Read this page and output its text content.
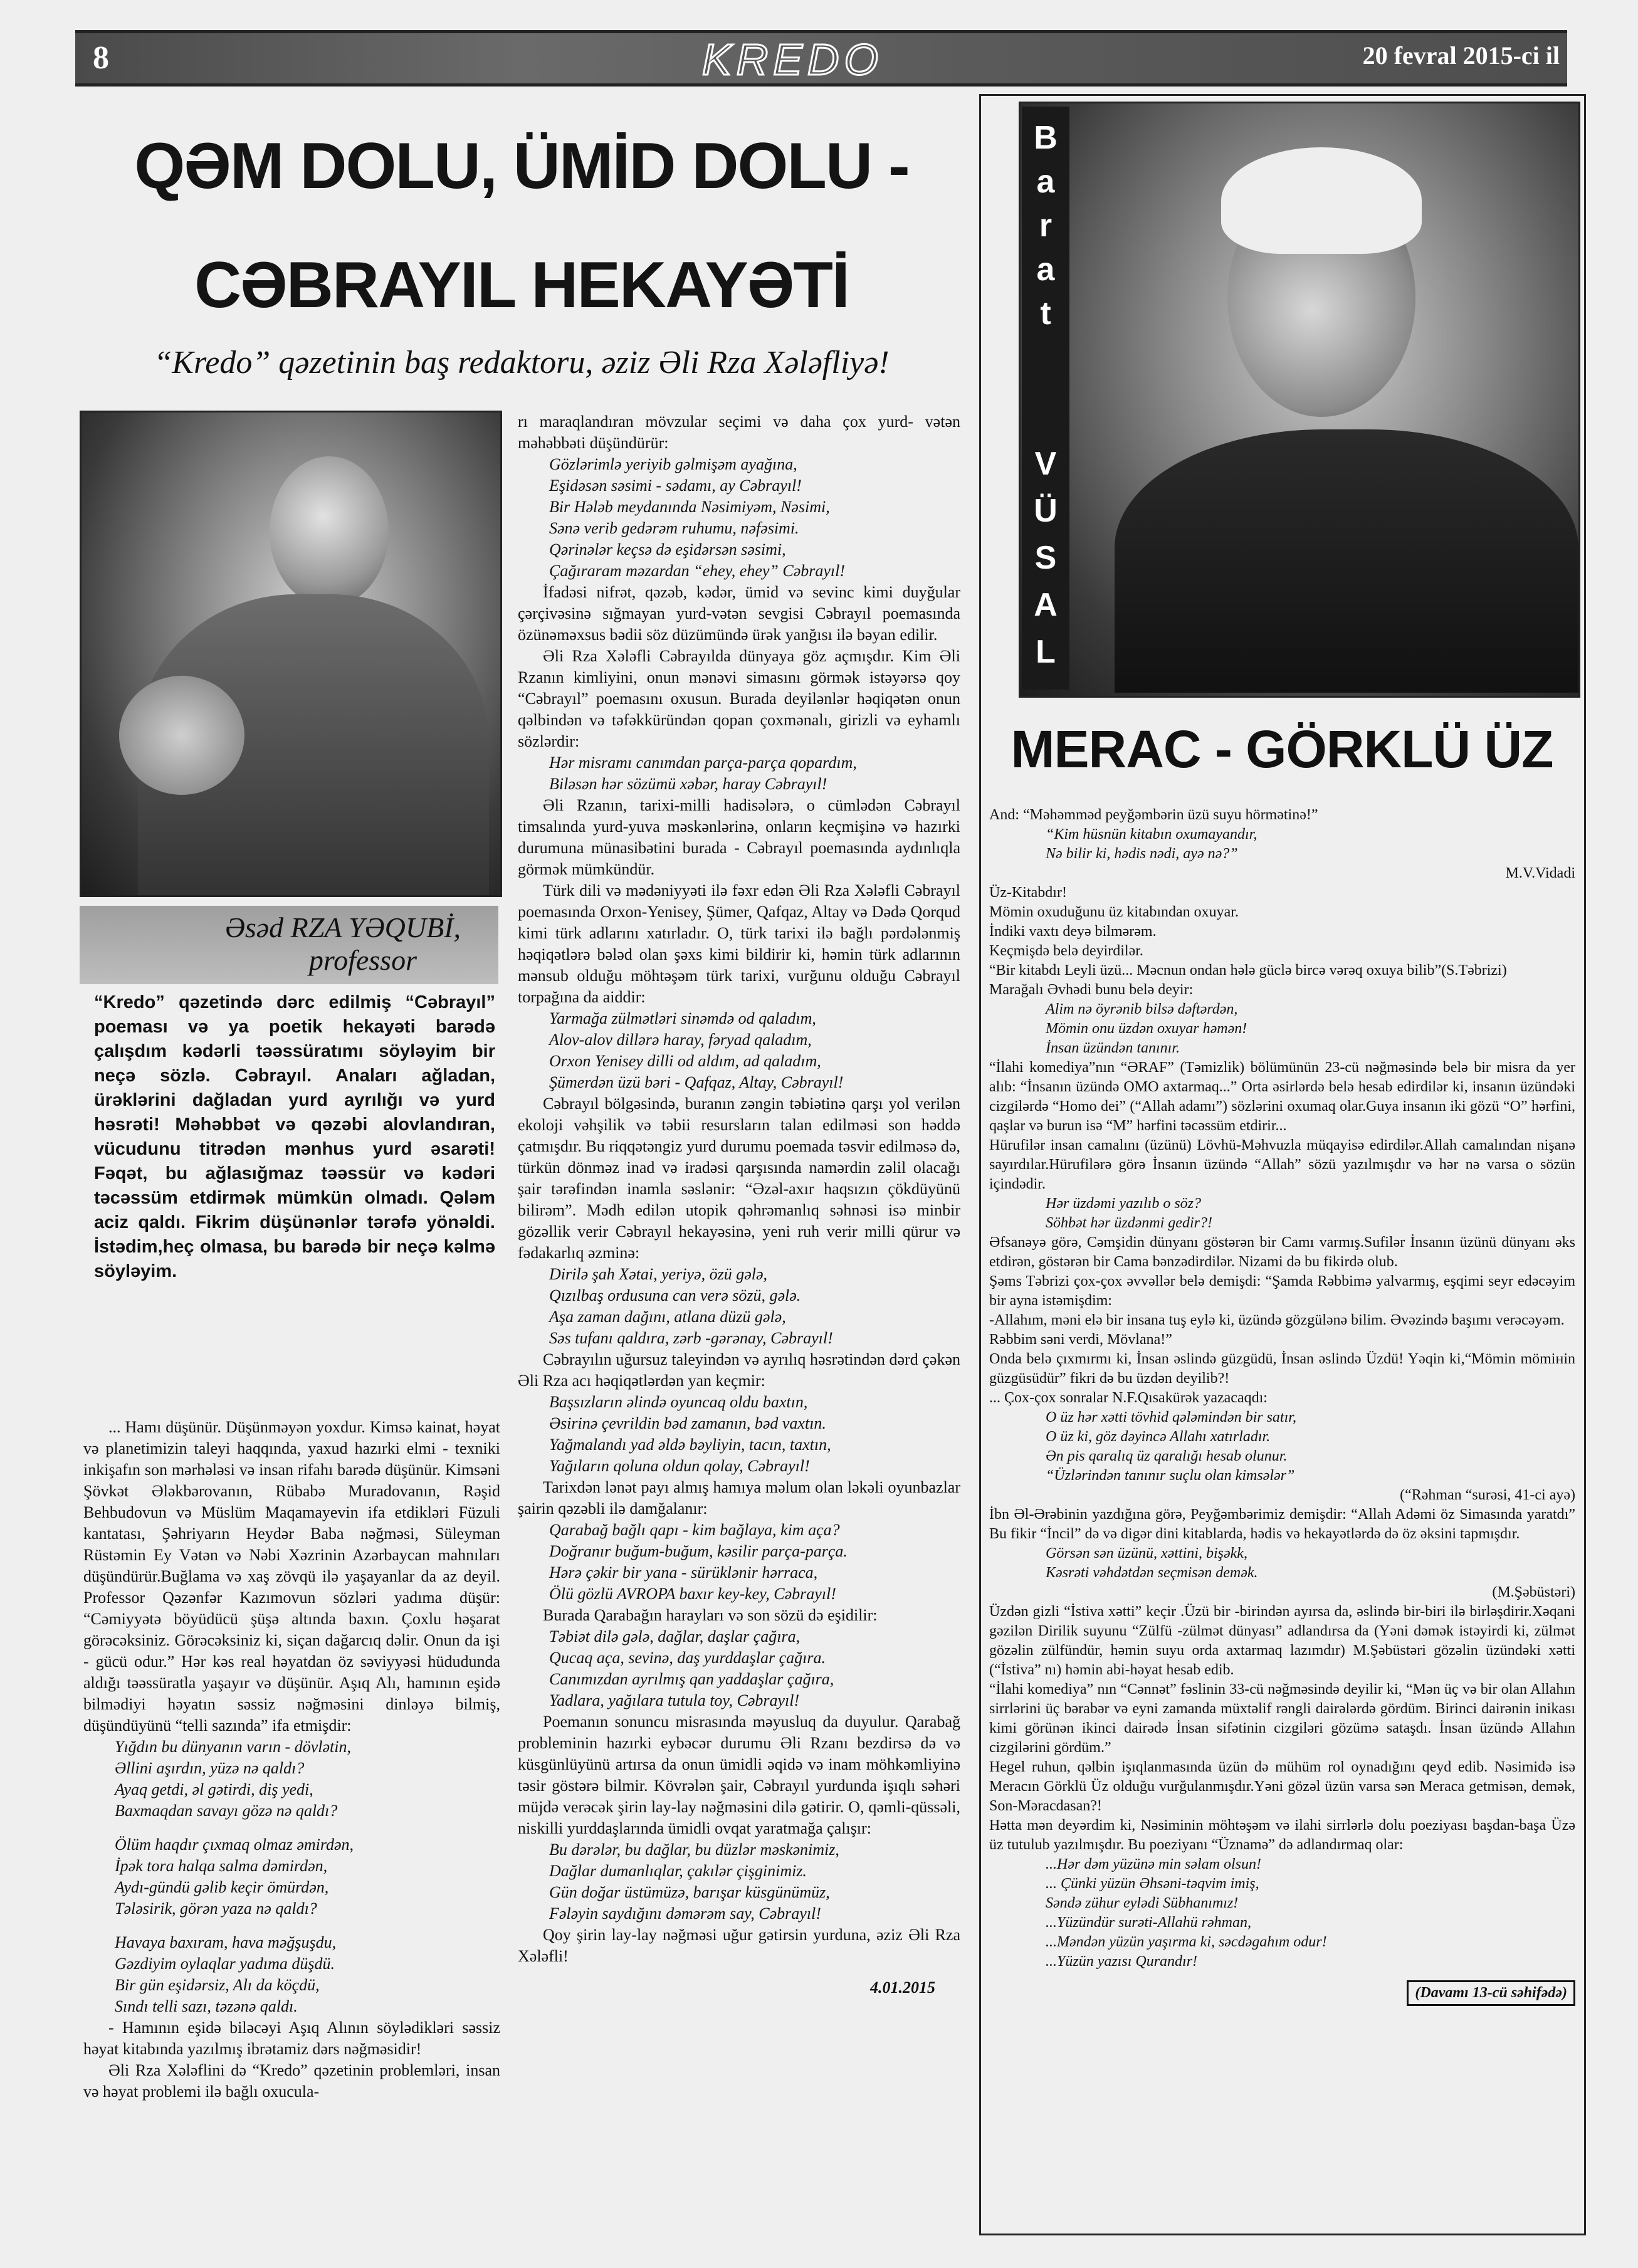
8	KREDO	20 fevral 2015-ci il
QƏM DOLU, ÜMİD DOLU -
CƏBRAYIL HEKAYƏTİ
“Kredo” qəzetinin baş redaktoru, əziz Əli Rza Xələfliyə!
Əsəd RZA YƏQUBİ,
professor
“Kredo” qəzetində dərc edilmiş “Cəbrayıl” poeması və ya poetik hekayəti barədə çalışdım kədərli təəssüratımı söyləyim bir neçə sözlə. Cəbrayıl. Anaları ağladan, ürəklərini dağladan yurd ayrılığı və yurd həsrəti! Məhəbbət və qəzəbi alovlandıran, vücudunu titrədən mənhus yurd əsarəti! Fəqət, bu ağlasığmaz təəssür və kədəri təcəssüm etdirmək mümkün olmadı. Qələm aciz qaldı. Fikrim düşünənlər tərəfə yönəldi. İstədim,heç olmasa, bu barədə bir neçə kəlmə söyləyim.

... Hamı düşünür. Düşünməyən yoxdur. Kimsə kainat, həyat və planetimizin taleyi haqqında, yaxud hazırki elmi - texniki inkişafın son mərhələsi və insan rifahı barədə düşünür. Kimsəni Şövkət Ələkbərovanın, Rübabə Muradovanın, Rəşid Behbudovun və Müslüm Maqamayevin ifa etdikləri Füzuli kantatası, Şəhriyarın Heydər Baba nəğməsi, Süleyman Rüstəmin Ey Vətən və Nəbi Xəzrinin Azərbaycan mahnıları düşündürür.Buğlama və xaş zövqü ilə yaşayanlar da az deyil. Professor Qəzənfər Kazımovun sözləri yadıma düşür: “Cəmiyyətə böyüdücü şüşə altında baxın. Çoxlu həşarat görəcəksiniz. Görəcəksiniz ki, siçan dağarcıq dəlir. Onun da işi - gücü odur.” Hər kəs real həyatdan öz səviyyəsi hüdudunda aldığı təəssüratla yaşayır və düşünür. Aşıq Alı, hamının eşidə bilmədiyi həyatın səssiz nəğməsini dinləyə bilmiş, düşündüyünü “telli sazında” ifa etmişdir:

Yığdın bu dünyanın varın - dövlətin,

Əllini aşırdın, yüzə nə qaldı?

Ayaq getdi, əl gətirdi, diş yedi,

Baxmaqdan savayı gözə nə qaldı?

Ölüm haqdır çıxmaq olmaz əmirdən,

İpək tora halqa salma dəmirdən,

Aydı-gündü gəlib keçir ömürdən,

Tələsirik, görən yaza nə qaldı?

Havaya baxıram, hava məğşuşdu,

Gəzdiyim oylaqlar yadıma düşdü.

Bir gün eşidərsiz, Alı da köçdü,

Sındı telli sazı, təzənə qaldı.

- Hamının eşidə biləcəyi Aşıq Alının söylədikləri səssiz həyat kitabında yazılmış ibrətamiz dərs nəğməsidir!

Əli Rza Xələflini də “Kredo” qəzetinin problemləri, insan və həyat problemi ilə bağlı oxucula-

rı maraqlandıran mövzular seçimi və daha çox yurd- vətən məhəbbəti düşündürür:

Gözlərimlə yeriyib gəlmişəm ayağına,

Eşidəsən səsimi - sədamı, ay Cəbrayıl!

Bir Hələb meydanında Nəsimiyəm, Nəsimi,

Sənə verib gedərəm ruhumu, nəfəsimi.

Qərinələr keçsə də eşidərsən səsimi,

Çağıraram məzardan “ehey, ehey” Cəbrayıl!

İfadəsi nifrət, qəzəb, kədər, ümid və sevinc kimi duyğular çərçivəsinə sığmayan yurd-vətən sevgisi Cəbrayıl poemasında özünəməxsus bədii söz düzümündə ürək yanğısı ilə bəyan edilir.

Əli Rza Xələfli Cəbrayılda dünyaya göz açmışdır. Kim Əli Rzanın kimliyini, onun mənəvi simasını görmək istəyərsə qoy “Cəbrayıl” poemasını oxusun. Burada deyilənlər həqiqətən onun qəlbindən və təfəkküründən qopan çoxmənalı, girizli və eyhamlı sözlərdir:

Hər misramı canımdan parça-parça qopardım,

Biləsən hər sözümü xəbər, haray Cəbrayıl!

Əli Rzanın, tarixi-milli hadisələrə, o cümlədən Cəbrayıl timsalında yurd-yuva məskənlərinə, onların keçmişinə və hazırki durumuna münasibətini burada - Cəbrayıl poemasında aydınlıqla görmək mümkündür.

Türk dili və mədəniyyəti ilə fəxr edən Əli Rza Xələfli Cəbrayıl poemasında Orxon-Yenisey, Şümer, Qafqaz, Altay və Dədə Qorqud kimi türk adlarını xatırladır. O, türk tarixi ilə bağlı pərdələnmiş həqiqətlərə bələd olan şəxs kimi bildirir ki, həmin türk adlarının mənsub olduğu möhtəşəm türk tarixi, vurğunu olduğu Cəbrayıl torpağına da aiddir:

Yarmağa zülmətləri sinəmdə od qaladım,

Alov-alov dillərə haray, fəryad qaladım,

Orxon Yenisey dilli od aldım, ad qaladım,

Şümerdən üzü bəri - Qafqaz, Altay, Cəbrayıl!

Cəbrayıl bölgəsində, buranın zəngin təbiətinə qarşı yol verilən ekoloji vəhşilik və təbii resursların talan edilməsi son həddə çatmışdır. Bu riqqətəngiz yurd durumu poemada təsvir edilməsə də, türkün dönməz inad və iradəsi qarşısında namərdin zəlil olacağı şair tərəfindən inamla səslənir: “Əzəl-axır haqsızın çökdüyünü bilirəm”. Mədh edilən utopik qəhrəmanlıq səhnəsi isə minbir gözəllik verir Cəbrayıl hekayəsinə, yeni ruh verir milli qürur və fədakarlıq əzminə:

Dirilə şah Xətai, yeriyə, özü gələ,

Qızılbaş ordusuna can verə sözü, gələ.

Aşa zaman dağını, atlana düzü gələ,

Səs tufanı qaldıra, zərb -gərənay, Cəbrayıl!

Cəbrayılın uğursuz taleyindən və ayrılıq həsrətindən dərd çəkən Əli Rza acı həqiqətlərdən yan keçmir:

Başsızların əlində oyuncaq oldu baxtın,

Əsirinə çevrildin bəd zamanın, bəd vaxtın.

Yağmalandı yad əldə bəyliyin, tacın, taxtın,

Yağıların qoluna oldun qolay, Cəbrayıl!

Tarixdən lənət payı almış hamıya məlum olan ləkəli oyunbazlar şairin qəzəbli ilə damğalanır:

Qarabağ bağlı qapı - kim bağlaya, kim aça?

Doğranır buğum-buğum, kəsilir parça-parça.

Hərə çəkir bir yana - sürüklənir hərraca,

Ölü gözlü AVROPA baxır key-key, Cəbrayıl!

Burada Qarabağın harayları və son sözü də eşidilir:

Təbiət dilə gələ, dağlar, daşlar çağıra,

Qucaq aça, sevinə, daş yurddaşlar çağıra.

Canımızdan ayrılmış qan yaddaşlar çağıra,

Yadlara, yağılara tutula toy, Cəbrayıl!

Poemanın sonuncu misrasında məyusluq da duyulur. Qarabağ probleminin hazırki eybəcər durumu Əli Rzanı bezdirsə də və küsgünlüyünü artırsa da onun ümidli əqidə və inam möhkəmliyinə təsir göstərə bilmir. Kövrələn şair, Cəbrayıl yurdunda işıqlı səhəri müjdə verəcək şirin lay-lay nəğməsini dilə gətirir. O, qəmli-qüssəli, niskilli yurddaşlarında ümidli ovqat yaratmağa çalışır:

Bu dərələr, bu dağlar, bu düzlər məskənimiz,

Dağlar dumanlıqlar, çakılər çişginimiz.

Gün doğar üstümüzə, barışar küsgünümüz,

Fələyin saydığını dəmərəm say, Cəbrayıl!

Qoy şirin lay-lay nəğməsi uğur gətirsin yurduna, əziz Əli Rza Xələfli!

4.01.2015

B
a
r
a
t
V
Ü
S
A
L
MERAC - GÖRKLÜ ÜZ

And: “Məhəmməd peyğəmbərin üzü suyu hörmətinə!”

“Kim hüsnün kitabın oxumayandır,

Nə bilir ki, hədis nədi, ayə nə?”

M.V.Vidadi

Üz-Kitabdır!

Mömin oxuduğunu üz kitabından oxuyar.

İndiki vaxtı deyə bilmərəm.

Keçmişdə belə deyirdilər.

“Bir kitabdı Leyli üzü... Məcnun ondan hələ güclə bircə vərəq oxuya bilib”(S.Təbrizi)

Marağalı Əvhədi bunu belə deyir:

Alim nə öyrənib bilsə dəftərdən,

Mömin onu üzdən oxuyar həmən!

İnsan üzündən tanınır.

“İlahi komediya”nın “ƏRAF” (Təmizlik) bölümünün 23-cü nəğməsində belə bir misra da yer alıb: “İnsanın üzündə OMO axtarmaq...” Orta əsirlərdə belə hesab edirdilər ki, insanın üzündəki cizgilərdə “Homo dei” (“Allah adamı”) sözlərini oxumaq olar.Guya insanın iki gözü “O” hərfini, qaşlar və burun isə “M” hərfini təcəssüm etdirir...

Hürufilər insan camalını (üzünü) Lövhü-Məhvuzla müqayisə edirdilər.Allah camalından nişanə sayırdılar.Hürufilərə görə İnsanın üzündə “Allah” sözü yazılmışdır və hər nə varsa o sözün içindədir.

Hər üzdəmi yazılıb o söz?

Söhbət hər üzdənmi gedir?!

Əfsanəyə görə, Cəmşidin dünyanı göstərən bir Camı varmış.Sufilər İnsanın üzünü dünyanı əks etdirən, göstərən bir Cama bənzədirdilər. Nizami də bu fikirdə olub.

Şəms Təbrizi çox-çox əvvəllər belə demişdi: “Şamda Rəbbimə yalvarmış, eşqimi seyr edəcəyim bir ayna istəmişdim:

-Allahım, məni elə bir insana tuş eylə ki, üzündə gözgülənə bilim. Əvəzində başımı verəcəyəm.

Rəbbim səni verdi, Mövlana!”

Onda belə çıxmırmı ki, İnsan əslində güzgüdü, İnsan əslində Üzdü! Yəqin ki,“Mömin mömінin güzgüsüdür” fikri də bu üzdən deyilib?!

... Çox-çox sonralar N.F.Qısakürək yazacaqdı:

O üz hər xətti tövhid qələmindən bir satır,

O üz ki, göz dəyincə Allahı xatırladır.

Ən pis qaralıq üz qaralığı hesab olunur.

“Üzlərindən tanınır suçlu olan kimsələr”

(“Rəhman “surəsi, 41-ci ayə)

İbn Əl-Ərəbinin yazdığına görə, Peyğəmbərimiz demişdir: “Allah Adəmi öz Simasında yaratdı” Bu fikir “İncil” də və digər dini kitablarda, hədis və hekayətlərdə də öz əksini tapmışdır.

Görsən sən üzünü, xəttini, bişəkk,

Kəsrəti vəhdətdən seçmisən demək.

(M.Şəbüstəri)

Üzdən gizli “İstiva xətti” keçir .Üzü bir -birindən ayırsa da, əslində bir-biri ilə birləşdirir.Xəqani gəzilən Dirilik suyunu “Zülfü -zülmət dünyası” adlandırsa da (Yəni dəmək istəyirdi ki, zülmət gözəlin zülfündür, həmin suyu orda axtarmaq lazımdır) M.Şəbüstəri gözəlin üzündəki xətti (“İstiva” nı) həmin abi-həyat hesab edib.

“İlahi komediya” nın “Cənnət” fəslinin 33-cü nəğməsində deyilir ki, “Mən üç və bir olan Allahın sirrlərini üç bərabər və eyni zamanda müxtəlif rəngli dairələrdə gördüm. Birinci dairənin inikası kimi görünən ikinci dairədə İnsan sifətinin cizgiləri gözümə sataşdı. İnsan üzündə Allahın cizgilərini gördüm.”

Hegel ruhun, qəlbin işıqlanmasında üzün də mühüm rol oynadığını qeyd edib. Nəsimidə isə Meracın Görklü Üz olduğu vurğulanmışdır.Yəni gözəl üzün varsa sən Meraca getmisən, demək, Son-Məracdasan?!

Hətta mən deyərdim ki, Nəsiminin möhtəşəm və ilahi sirrlərlə dolu poeziyası başdan-başa Üzə üz tutulub yazılmışdır. Bu poeziyanı “Üznamə” də adlandırmaq olar:

...Hər dəm yüzünə min səlam olsun!

... Çünki yüzün Əhsəni-təqvim imiş,

Səndə zühur eylədi Sübhanımız!

...Yüzündür surəti-Allahü rəhman,

...Məndən yüzün yaşırma ki, səcdəgahım odur!

...Yüzün yazısı Qurandır!

(Davamı 13-cü səhifədə)
